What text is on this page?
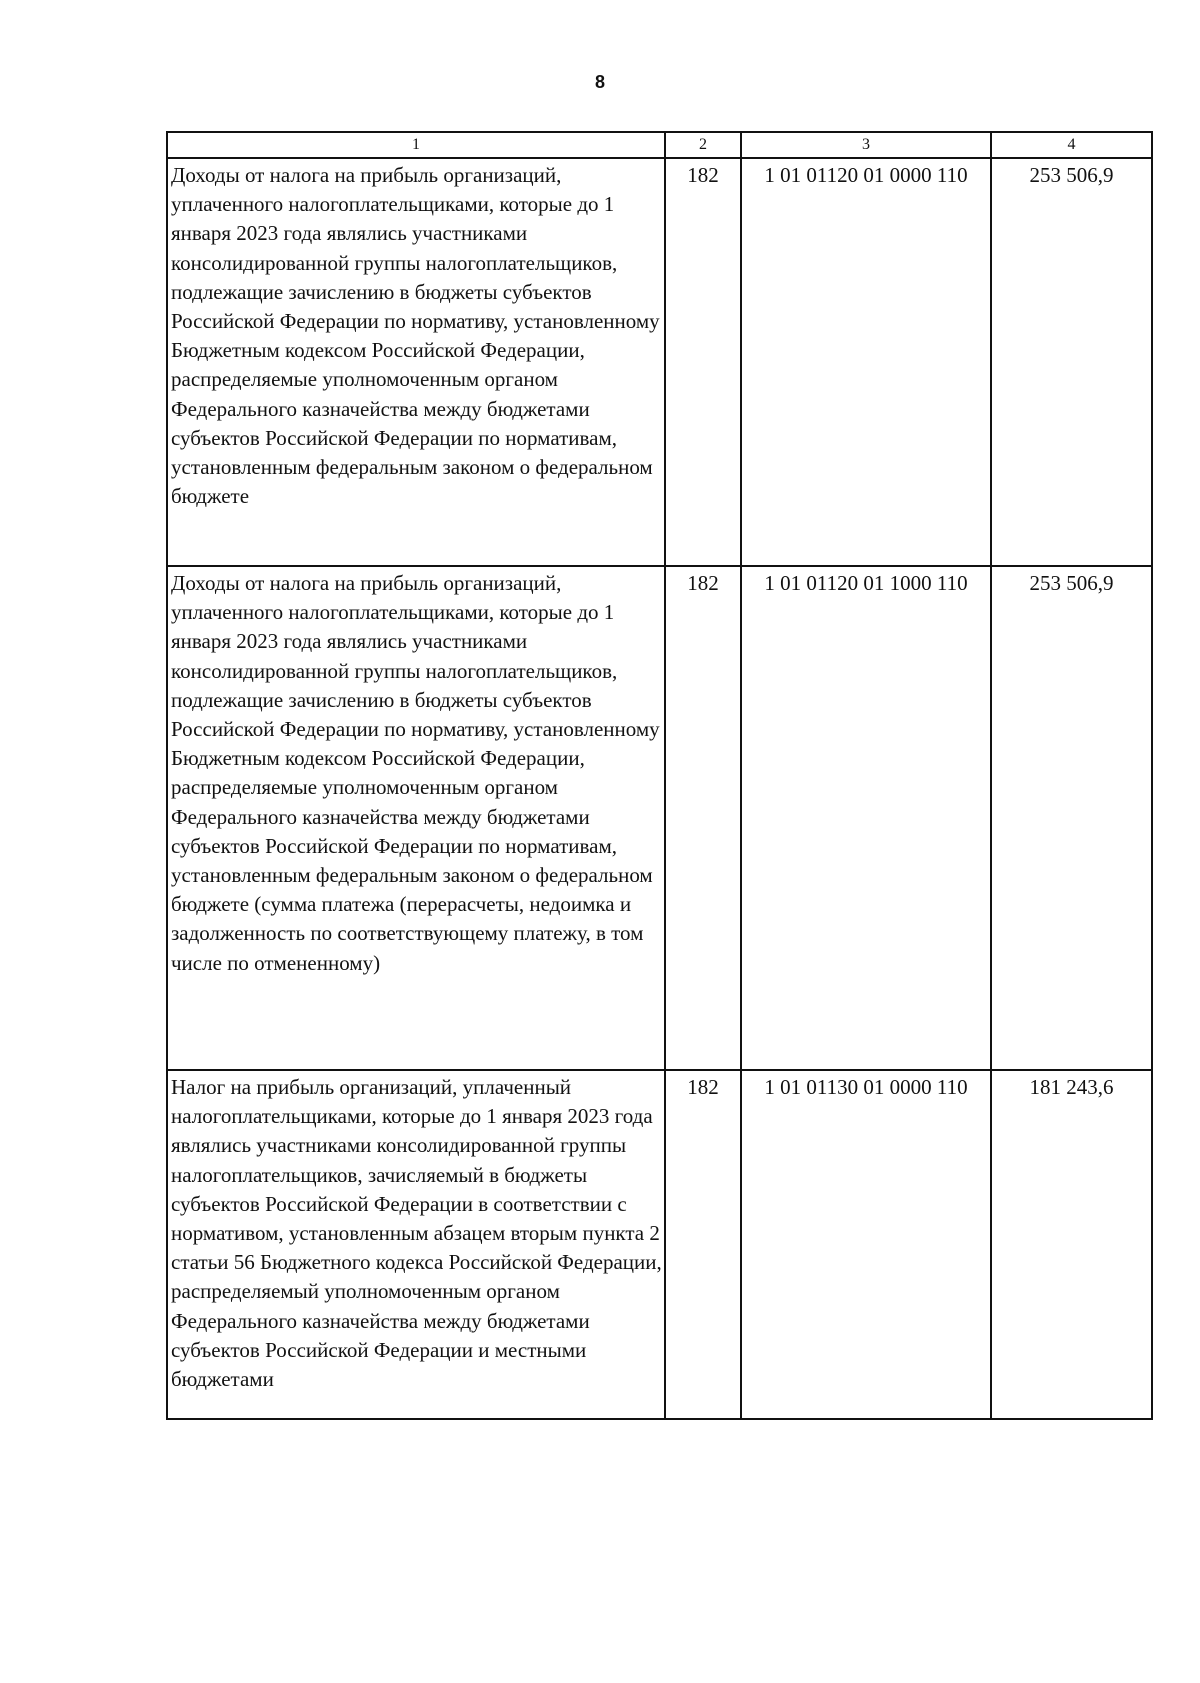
8
1	2	3	4
Доходы от налога на прибыль организаций, уплаченного налогоплательщиками, которые до 1 января 2023 года являлись участниками консолидированной группы налогоплательщиков, подлежащие зачислению в бюджеты субъектов Российской Федерации по нормативу, установленному Бюджетным кодексом Российской Федерации, распределяемые уполномоченным органом Федерального казначейства между бюджетами субъектов Российской Федерации по нормативам, установленным федеральным законом о федеральном бюджете	182	1 01 01120 01 0000 110	253 506,9
Доходы от налога на прибыль организаций, уплаченного налогоплательщиками, которые до 1 января 2023 года являлись участниками консолидированной группы налогоплательщиков, подлежащие зачислению в бюджеты субъектов Российской Федерации по нормативу, установленному Бюджетным кодексом Российской Федерации, распределяемые уполномоченным органом Федерального казначейства между бюджетами субъектов Российской Федерации по нормативам, установленным федеральным законом о федеральном бюджете (сумма платежа (перерасчеты, недоимка и задолженность по соответствующему платежу, в том числе по отмененному)	182	1 01 01120 01 1000 110	253 506,9
Налог на прибыль организаций, уплаченный налогоплательщиками, которые до 1 января 2023 года являлись участниками консолидированной группы налогоплательщиков, зачисляемый в бюджеты субъектов Российской Федерации в соответствии с нормативом, установленным абзацем вторым пункта 2 статьи 56 Бюджетного кодекса Российской Федерации, распределяемый уполномоченным органом Федерального казначейства между бюджетами субъектов Российской Федерации и местными бюджетами	182	1 01 01130 01 0000 110	181 243,6
